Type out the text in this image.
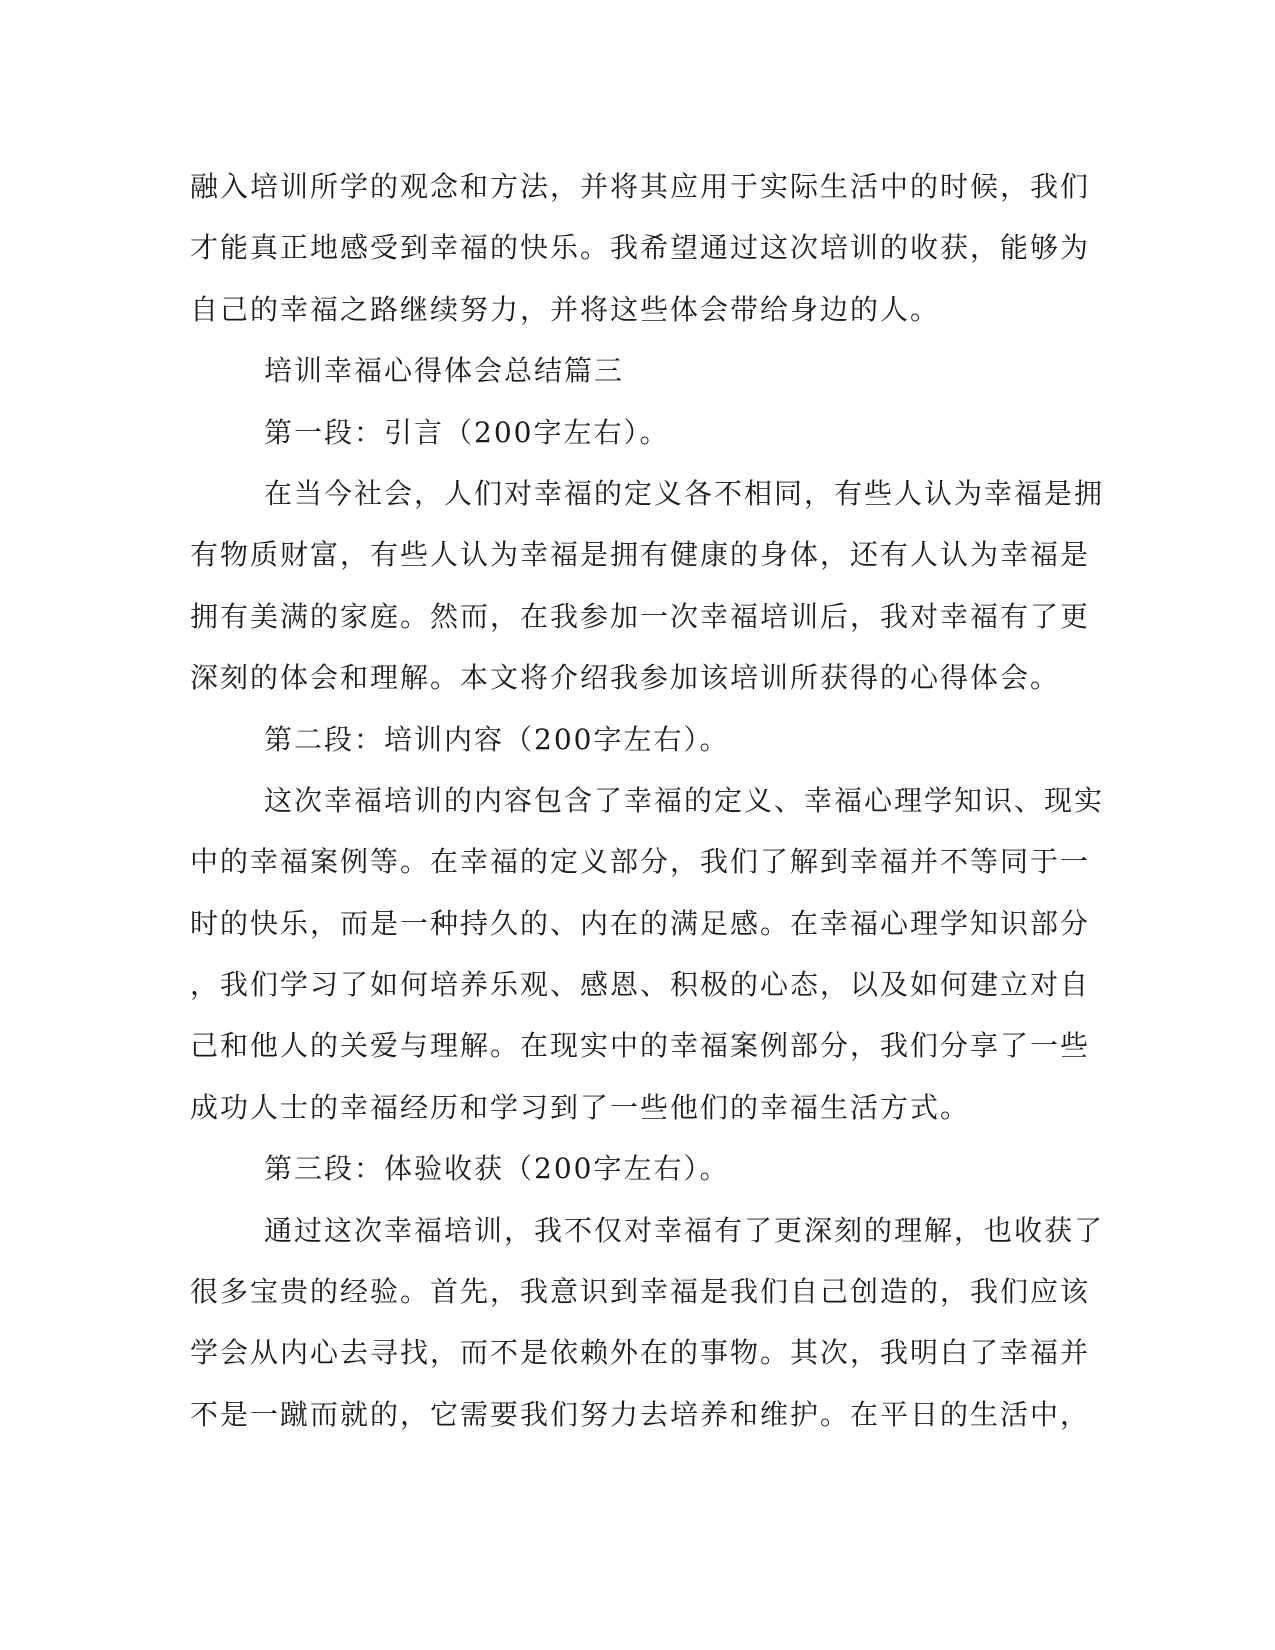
融入培训所学的观念和方法，并将其应用于实际生活中的时候，我们
才能真正地感受到幸福的快乐。我希望通过这次培训的收获，能够为
自己的幸福之路继续努力，并将这些体会带给身边的人。
培训幸福心得体会总结篇三
第一段：引言（200字左右）。
在当今社会，人们对幸福的定义各不相同，有些人认为幸福是拥
有物质财富，有些人认为幸福是拥有健康的身体，还有人认为幸福是
拥有美满的家庭。然而，在我参加一次幸福培训后，我对幸福有了更
深刻的体会和理解。本文将介绍我参加该培训所获得的心得体会。
第二段：培训内容（200字左右）。
这次幸福培训的内容包含了幸福的定义、幸福心理学知识、现实
中的幸福案例等。在幸福的定义部分，我们了解到幸福并不等同于一
时的快乐，而是一种持久的、内在的满足感。在幸福心理学知识部分
，我们学习了如何培养乐观、感恩、积极的心态，以及如何建立对自
己和他人的关爱与理解。在现实中的幸福案例部分，我们分享了一些
成功人士的幸福经历和学习到了一些他们的幸福生活方式。
第三段：体验收获（200字左右）。
通过这次幸福培训，我不仅对幸福有了更深刻的理解，也收获了
很多宝贵的经验。首先，我意识到幸福是我们自己创造的，我们应该
学会从内心去寻找，而不是依赖外在的事物。其次，我明白了幸福并
不是一蹴而就的，它需要我们努力去培养和维护。在平日的生活中，
